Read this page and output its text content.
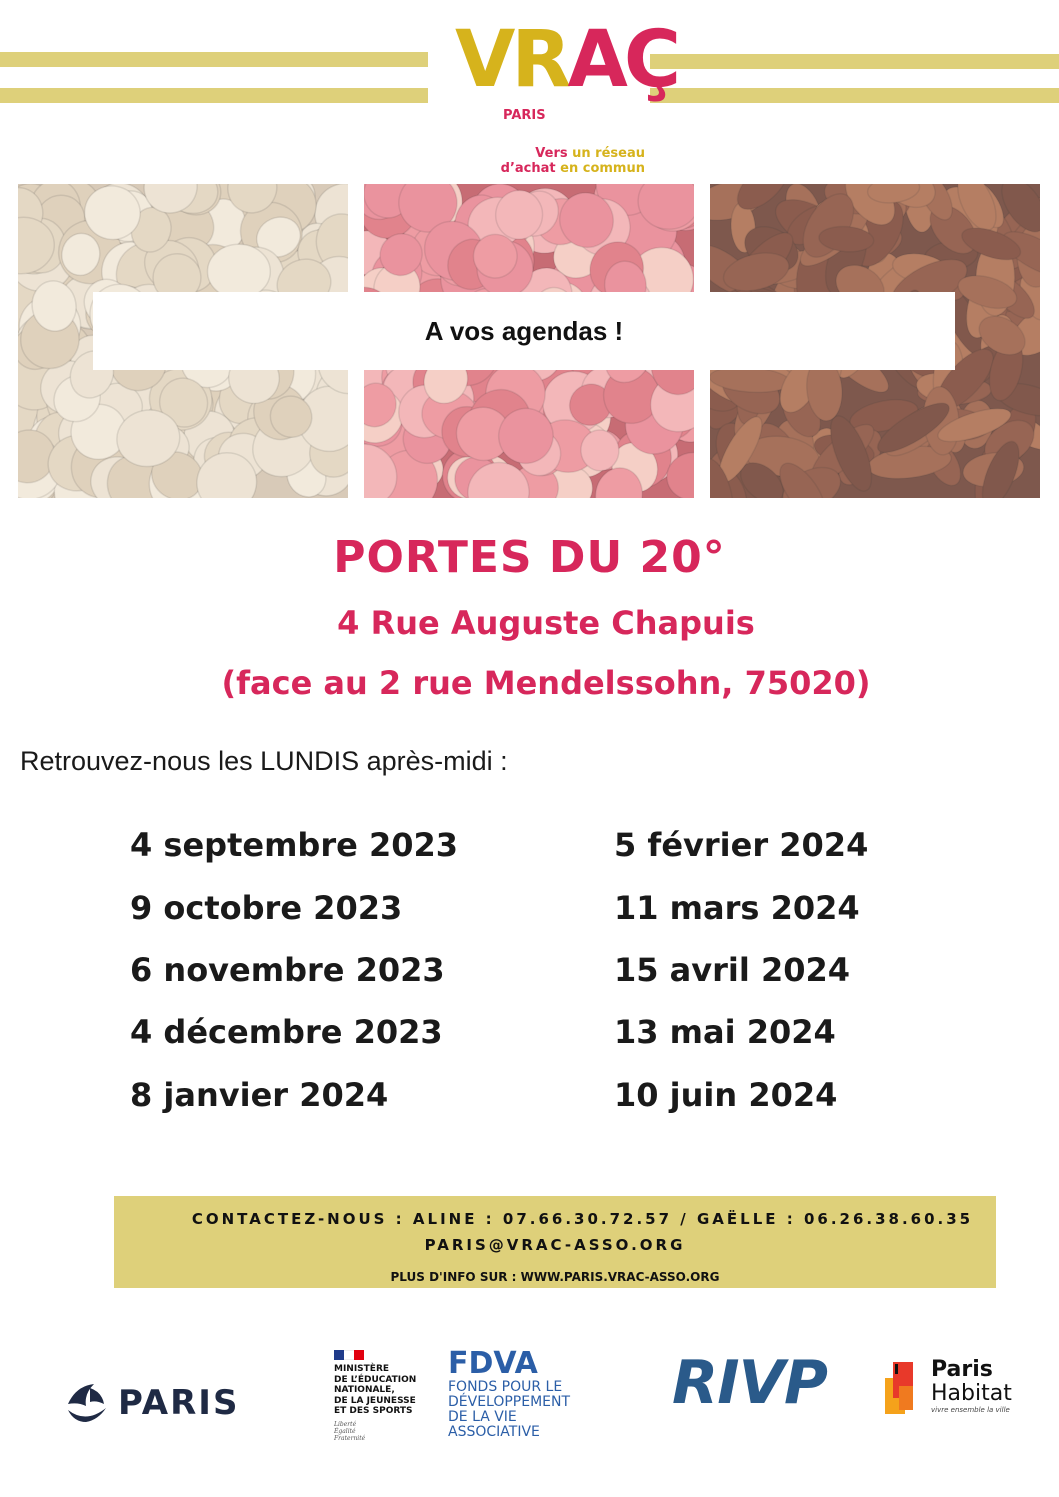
VRAÇ
PARIS
Vers un réseau
d’achat en commun
A vos agendas !
PORTES DU 20°
4 Rue Auguste Chapuis
(face au 2 rue Mendelssohn, 75020)
Retrouvez-nous les LUNDIS après-midi :
4 septembre 2023
9 octobre 2023
6 novembre 2023
4 décembre 2023
8 janvier 2024
5 février 2024
11 mars 2024
15 avril 2024
13 mai 2024
10 juin 2024
CONTACTEZ-NOUS : ALINE : 07.66.30.72.57 / GAËLLE : 06.26.38.60.35
PARIS@VRAC-ASSO.ORG
PLUS D'INFO SUR : WWW.PARIS.VRAC-ASSO.ORG
PARIS
MINISTÈRE
DE L’ÉDUCATION
NATIONALE,
DE LA JEUNESSE
ET DES SPORTS
Liberté
Égalité
Fraternité
FDVA
FONDS POUR LE
DÉVELOPPEMENT
DE LA VIE
ASSOCIATIVE
RIVP	Paris
Habitat
vivre ensemble la ville
